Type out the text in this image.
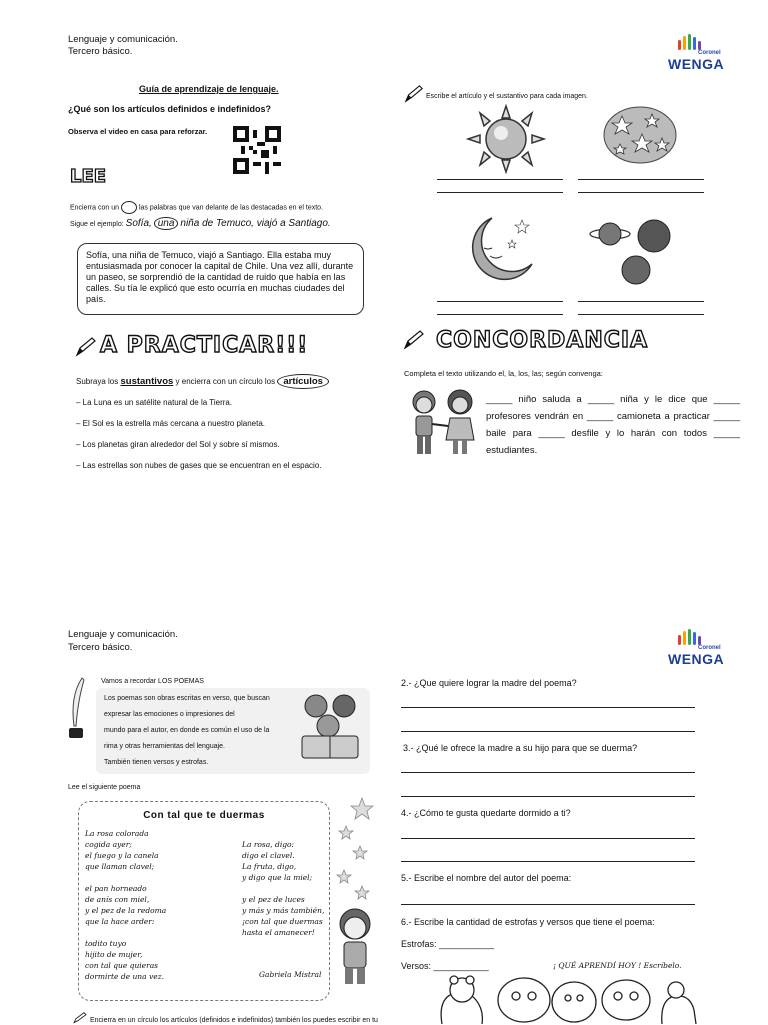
Lenguaje y comunicación.
Tercero básico.	Coronel
WENGA
Guía de aprendizaje de lenguaje.
¿Qué son los artículos definidos e indefinidos?
Observa el video en casa para reforzar.
LEE
Encierra con un	las palabras que van delante de las destacadas en el texto.
Sigue el ejemplo: Sofía, una niña de Temuco, viajó a Santiago.
Sofía, una niña de Temuco, viajó a Santiago. Ella estaba muy entusiasmada por conocer la capital de Chile. Una vez allí, durante un paseo, se sorprendió de la cantidad de ruido que había en las calles. Su tía le explicó que esto ocurría en muchas ciudades del país.
A PRACTICAR!!!
Subraya los sustantivos y encierra con un círculo los artículos
– La Luna es un satélite natural de la Tierra.
– El Sol es la estrella más cercana a nuestro planeta.
– Los planetas giran alrededor del Sol y sobre sí mismos.
– Las estrellas son nubes de gases que se encuentran en el espacio.
Escribe el artículo y el sustantivo para cada imagen.
CONCORDANCIA
Completa el texto utilizando el, la, los, las; según convenga:
_____ niño saluda a _____ niña y le dice que _____ profesores vendrán en _____ camioneta a practicar _____ baile para _____ desfile y lo harán con todos _____ estudiantes.
Lenguaje y comunicación.
Tercero básico.	Coronel
WENGA
Vamos a recordar LOS POEMAS
Los poemas son obras escritas en verso, que buscan
expresar las emociones o impresiones del
mundo para el autor, en donde es común el uso de la
rima y otras herramientas del lenguaje.
También tienen versos y estrofas.
Lee el siguiente poema
Con tal que te duermas
La rosa colorada
cogida ayer;
el fuego y la canela
que llaman clavel;
el pan horneado
de anís con miel,
y el pez de la redoma
que la hace arder:
todito tuyo
hijito de mujer,
con tal que quieras
dormirte de una vez.
La rosa, digo:
digo el clavel.
La fruta, digo,
y digo que la miel;
y el pez de luces
y más y más también,
¡con tal que duermas
hasta el amanecer!
Gabriela Mistral
Encierra en un círculo los artículos (definidos e indefinidos) también los puedes escribir en tu
2.- ¿Que quiere lograr la madre del poema?
3.- ¿Qué le ofrece la madre a su hijo para que se duerma?
4.- ¿Cómo te gusta quedarte dormido a ti?
5.- Escribe el nombre del autor del poema:
6.- Escribe la cantidad de estrofas y versos que tiene el poema:
Estrofas: ___________
Versos: ___________	¡ QUÉ APRENDÍ HOY ! Escríbelo.
